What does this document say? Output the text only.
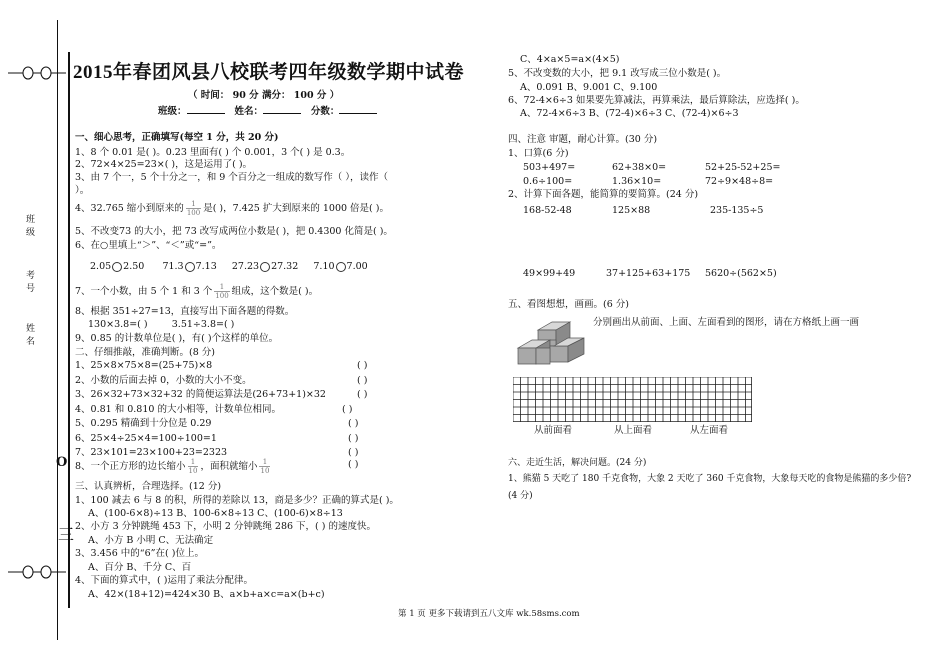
班
级
考
号
姓
名
O
三
2015年春团风县八校联考四年级数学期中试卷
（ 时间： 90 分 满分： 100 分 ）
班级：	姓名：	分数：
一、细心思考，正确填写(每空 1 分，共 20 分)
1、8 个 0.01 是( )。0.23 里面有( ) 个 0.001，3 个( ) 是 0.3。
2、72×4×25=23×( )，这是运用了( )。
3、由 7 个一，5 个十分之一，和 9 个百分之一组成的数写作（ ），读作（
）。
4、32.765 缩小到原来的 $\frac{1}{100}$ 是( )，7.425 扩大到原来的 1000 倍是( )。
5、不改变73 的大小，把 73 改写成两位小数是( )，把 0.4300 化简是( )。
6、在○里填上“＞”、“＜”或“=”。
2.05 2.50 71.3 7.13 27.23 27.32 7.10 7.00
7、一个小数，由 5 个 1 和 3 个 $\frac{1}{100}$ 组成，这个数是( )。
8、根据 351÷27=13，直接写出下面各题的得数。
130×3.8=( )	3.51÷3.8=( )
9、0.85 的计数单位是( )，有( )个这样的单位。
二、仔细推敲，准确判断。(8 分)
1、25×8×75×8=(25+75)×8	( )
2、小数的后面去掉 0，小数的大小不变。	( )
3、26×32+73×32+32 的简便运算法是(26+73+1)×32	( )
4、0.81 和 0.810 的大小相等，计数单位相同。	( )
5、0.295 精确到十分位是 0.29	( )
6、25×4÷25×4=100÷100=1	( )
7、23×101=23×100+23=2323	( )
8、一个正方形的边长缩小 $\frac{1}{10}$ ，面积就缩小 $\frac{1}{10}$	( )
三、认真辨析，合理选择。(12 分)
1、100 减去 6 与 8 的积，所得的差除以 13，商是多少？正确的算式是( )。
A、(100-6×8)÷13 B、100-6×8÷13 C、(100-6)×8÷13
2、小方 3 分钟跳绳 453 下，小明 2 分钟跳绳 286 下，( ) 的速度快。
A、小方 B 小明 C、无法确定
3、3.456 中的“6”在( )位上。
A、百分 B、千分 C、百
4、下面的算式中，( )运用了乘法分配律。
A、42×(18+12)=424×30 B、a×b+a×c=a×(b+c)
C、4×a×5=a×(4×5)
5、不改变数的大小，把 9.1 改写成三位小数是( )。
A、0.091 B、9.001 C、9.100
6、72-4×6÷3 如果要先算减法，再算乘法，最后算除法，应选择( )。
A、72-4×6÷3 B、(72-4)×6÷3 C、(72-4)×6÷3
四、注意 审题，耐心计算。(30 分)
1、口算(6 分)
503+497=	62+38×0=	52+25-52+25=
0.6÷100=	1.36×10=	72÷9×48÷8=
2、计算下面各题，能简算的要简算。(24 分)
168-52-48	125×88	235-135÷5
49×99+49	37+125+63+175 5620÷(562×5)
五、看图想想，画画。(6 分)
分别画出从前面、上面、左面看到的图形，请在方格纸上画一画
从前面看	从上面看	从左面看
六、走近生活，解决问题。(24 分)
1、熊猫 5 天吃了 180 千克食物，大象 2 天吃了 360 千克食物，大象每天吃的食物是熊猫的多少倍?
(4 分)
第 1 页 更多下载请到五八文库 wk.58sms.com
